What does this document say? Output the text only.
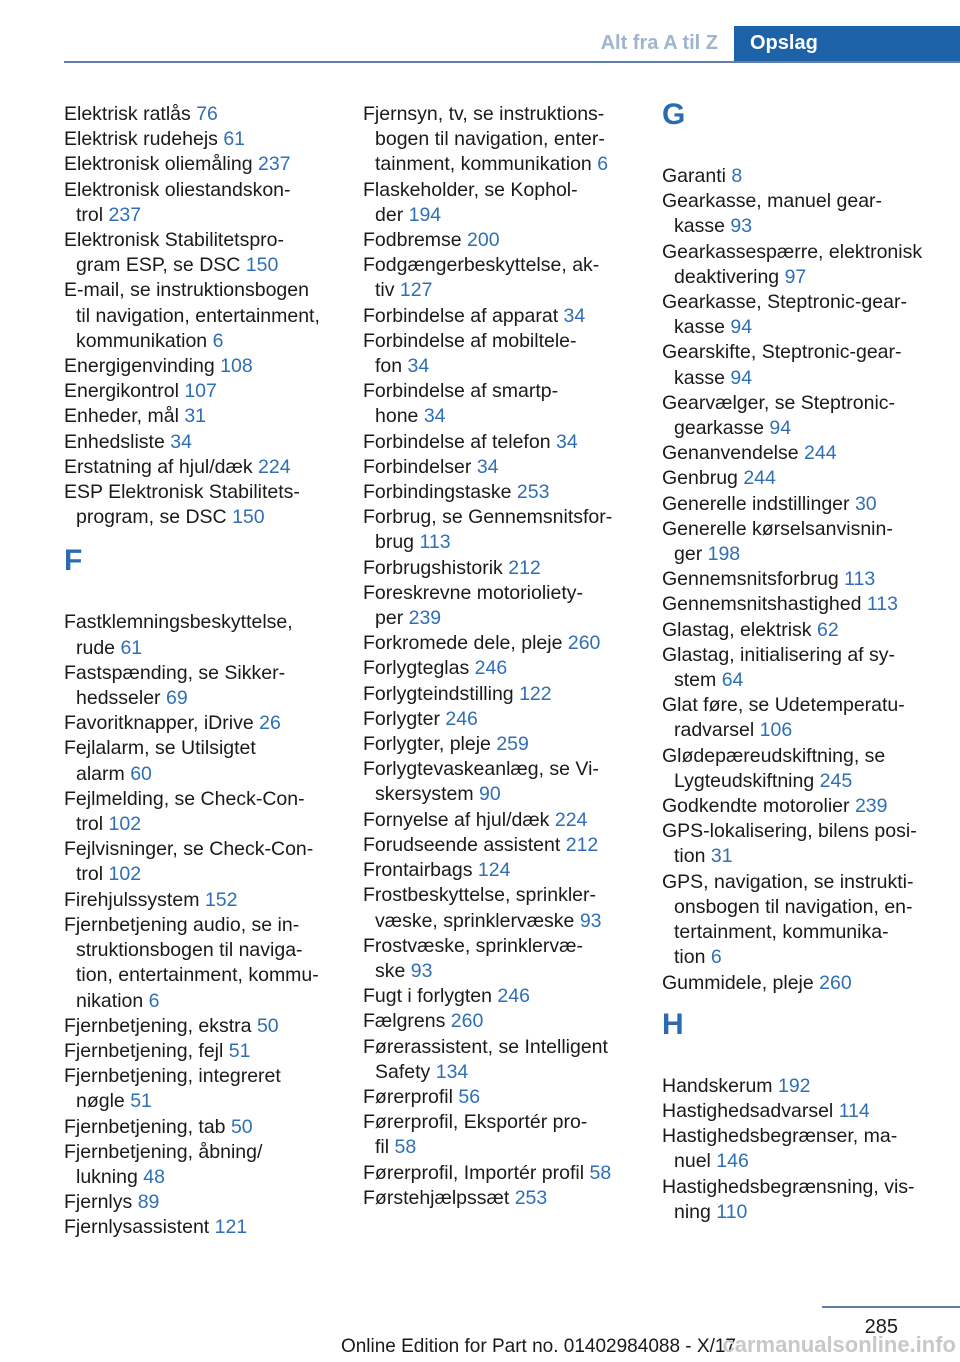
Alt fra A til Z	Opslag
Elektrisk ratlås 76
Elektrisk rudehejs 61
Elektronisk oliemåling 237
Elektronisk oliestandskon-
trol 237
Elektronisk Stabilitetspro-
gram ESP, se DSC 150
E-mail, se instruktionsbogen
til navigation, entertainment,
kommunikation 6
Energigenvinding 108
Energikontrol 107
Enheder, mål 31
Enhedsliste 34
Erstatning af hjul/dæk 224
ESP Elektronisk Stabilitets-
program, se DSC 150
F
Fastklemningsbeskyttelse,
rude 61
Fastspænding, se Sikker-
hedsseler 69
Favoritknapper, iDrive 26
Fejlalarm, se Utilsigtet
alarm 60
Fejlmelding, se Check-Con-
trol 102
Fejlvisninger, se Check-Con-
trol 102
Firehjulssystem 152
Fjernbetjening audio, se in-
struktionsbogen til naviga-
tion, entertainment, kommu-
nikation 6
Fjernbetjening, ekstra 50
Fjernbetjening, fejl 51
Fjernbetjening, integreret
nøgle 51
Fjernbetjening, tab 50
Fjernbetjening, åbning/
lukning 48
Fjernlys 89
Fjernlysassistent 121
Fjernsyn, tv, se instruktions-
bogen til navigation, enter-
tainment, kommunikation 6
Flaskeholder, se Kophol-
der 194
Fodbremse 200
Fodgængerbeskyttelse, ak-
tiv 127
Forbindelse af apparat 34
Forbindelse af mobiltele-
fon 34
Forbindelse af smartp-
hone 34
Forbindelse af telefon 34
Forbindelser 34
Forbindingstaske 253
Forbrug, se Gennemsnitsfor-
brug 113
Forbrugshistorik 212
Foreskrevne motorioliety-
per 239
Forkromede dele, pleje 260
Forlygteglas 246
Forlygteindstilling 122
Forlygter 246
Forlygter, pleje 259
Forlygtevaskeanlæg, se Vi-
skersystem 90
Fornyelse af hjul/dæk 224
Forudseende assistent 212
Frontairbags 124
Frostbeskyttelse, sprinkler-
væske, sprinklervæske 93
Frostvæske, sprinklervæ-
ske 93
Fugt i forlygten 246
Fælgrens 260
Førerassistent, se Intelligent
Safety 134
Førerprofil 56
Førerprofil, Eksportér pro-
fil 58
Førerprofil, Importér profil 58
Førstehjælpssæt 253
G
Garanti 8
Gearkasse, manuel gear-
kasse 93
Gearkassespærre, elektronisk
deaktivering 97
Gearkasse, Steptronic-gear-
kasse 94
Gearskifte, Steptronic-gear-
kasse 94
Gearvælger, se Steptronic-
gearkasse 94
Genanvendelse 244
Genbrug 244
Generelle indstillinger 30
Generelle kørselsanvisnin-
ger 198
Gennemsnitsforbrug 113
Gennemsnitshastighed 113
Glastag, elektrisk 62
Glastag, initialisering af sy-
stem 64
Glat føre, se Udetemperatu-
radvarsel 106
Glødepæreudskiftning, se
Lygteudskiftning 245
Godkendte motorolier 239
GPS-lokalisering, bilens posi-
tion 31
GPS, navigation, se instrukti-
onsbogen til navigation, en-
tertainment, kommunika-
tion 6
Gummidele, pleje 260
H
Handskerum 192
Hastighedsadvarsel 114
Hastighedsbegrænser, ma-
nuel 146
Hastighedsbegrænsning, vis-
ning 110
285
Online Edition for Part no. 01402984088 - X/17
carmanualsonline.info
